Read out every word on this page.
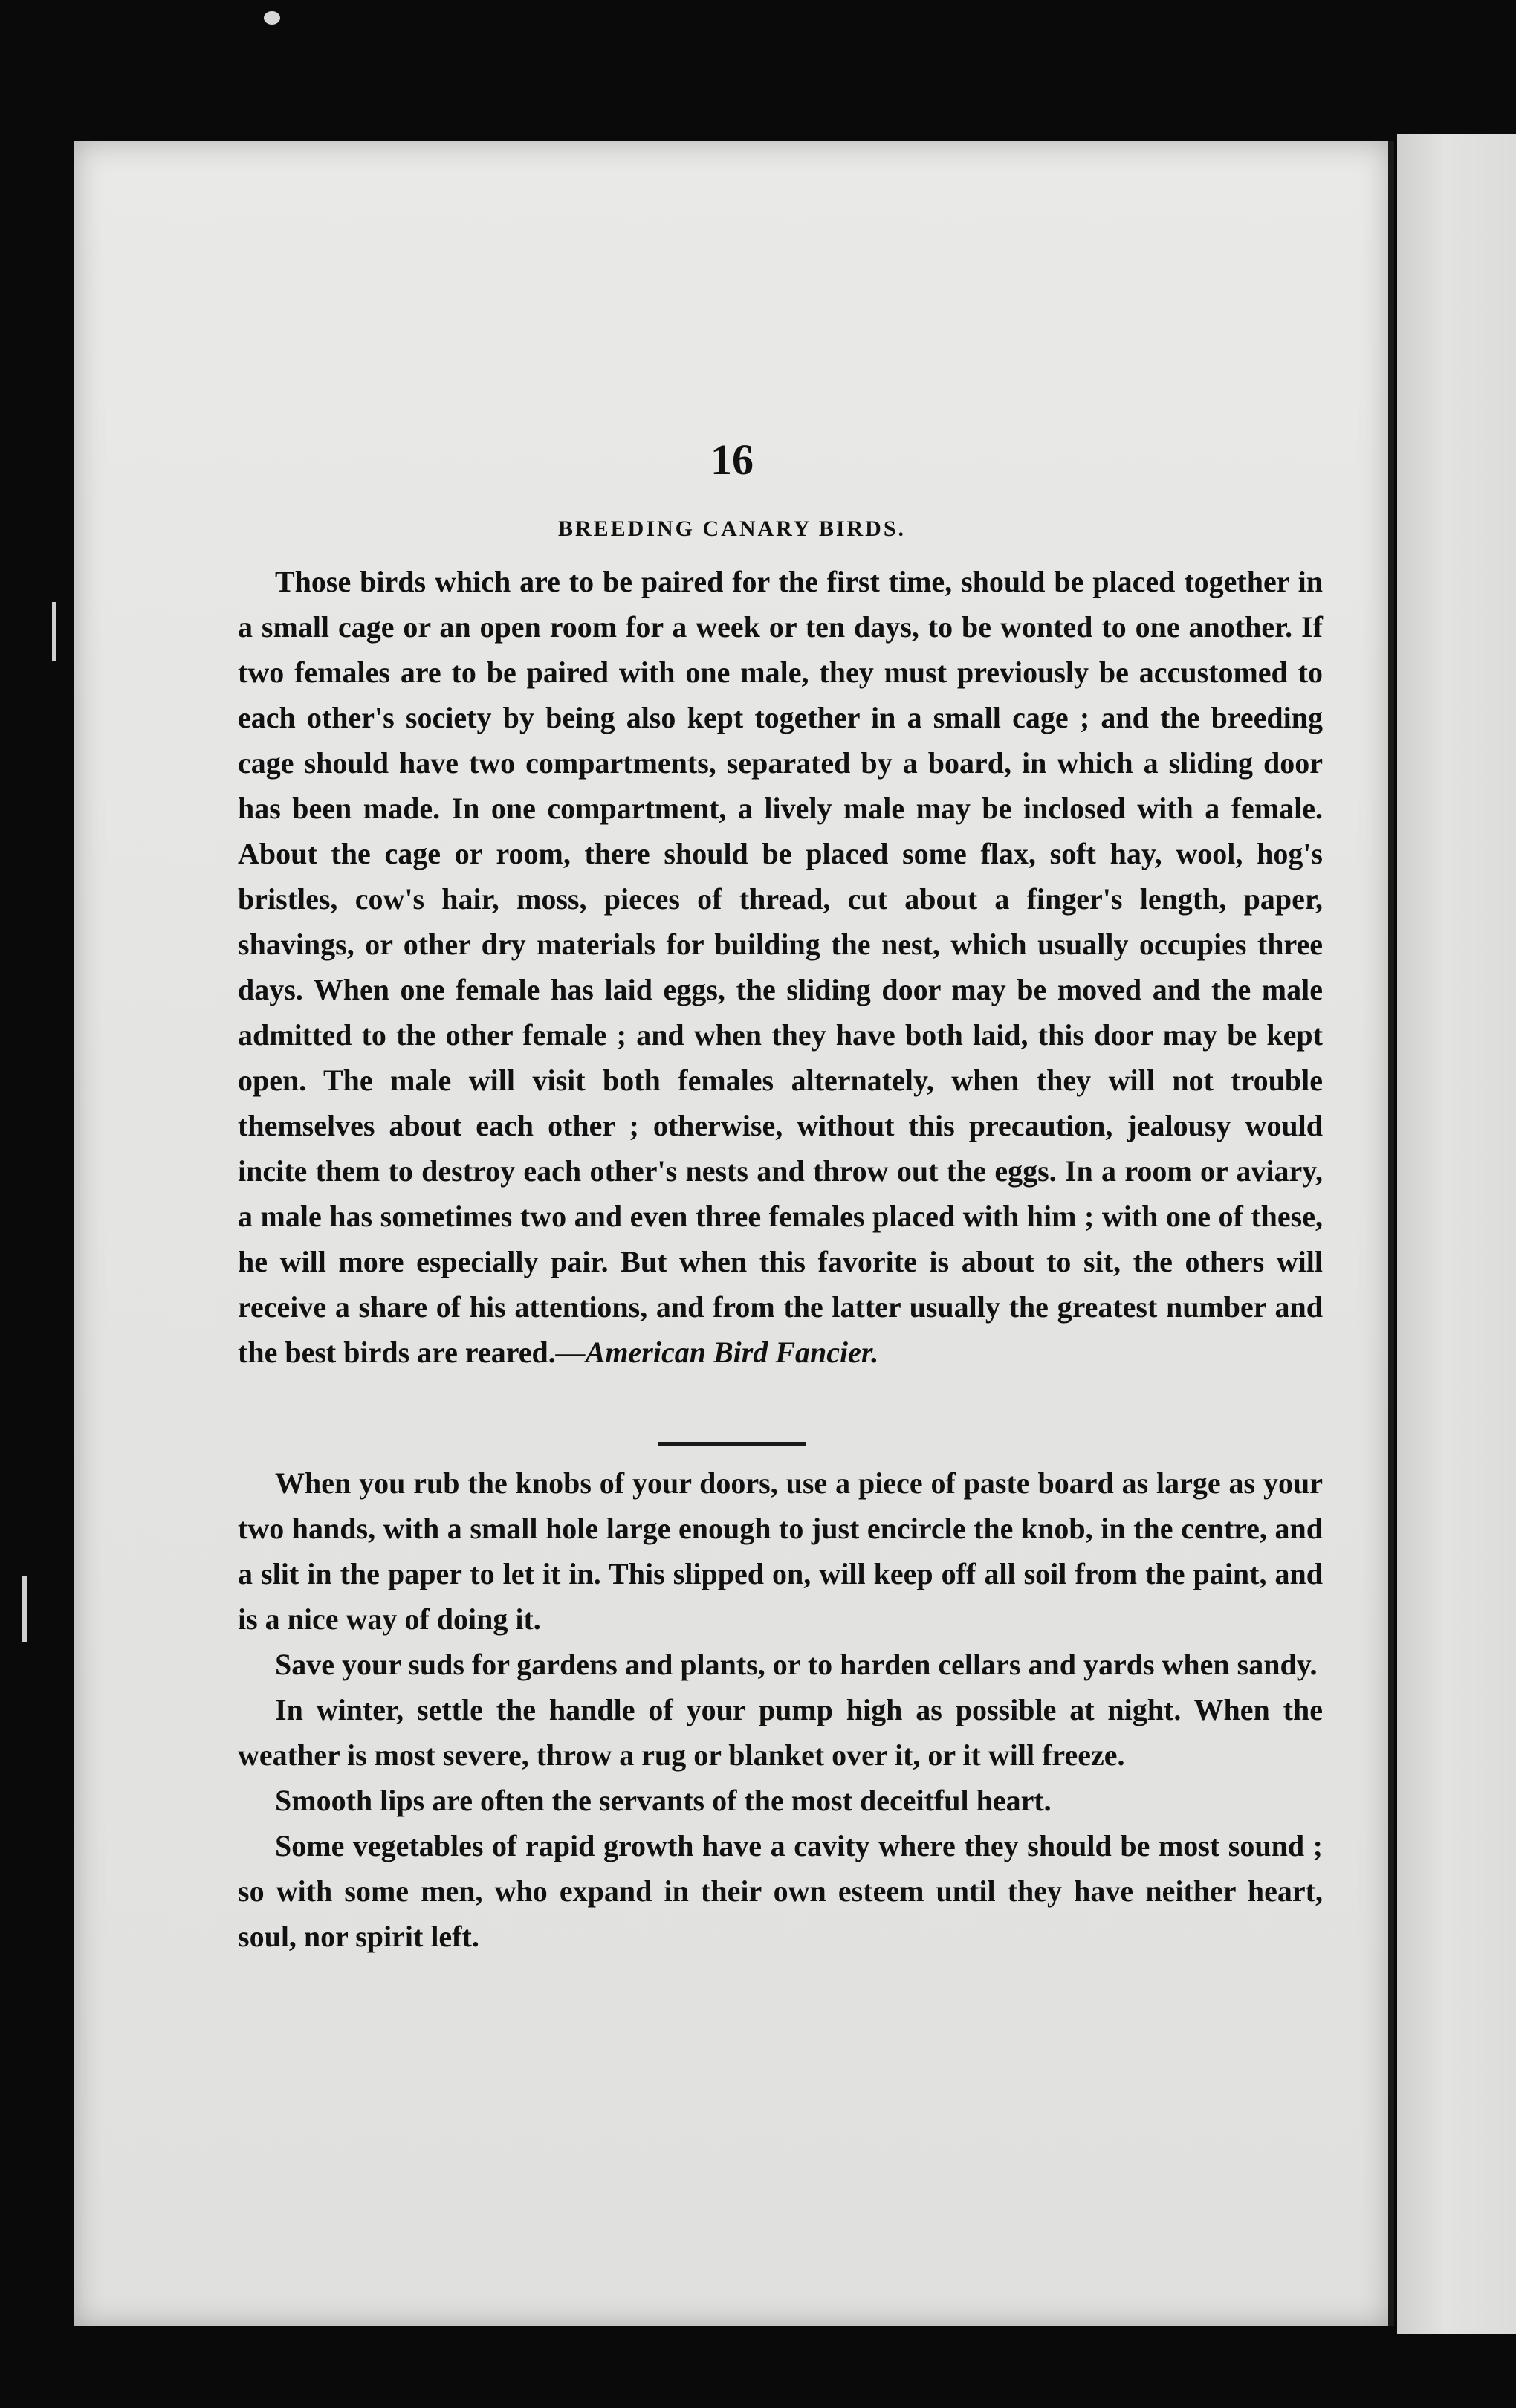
16
BREEDING CANARY BIRDS.

Those birds which are to be paired for the first time, should be placed together in a small cage or an open room for a week or ten days, to be wonted to one another. If two females are to be paired with one male, they must previously be accustomed to each other's society by being also kept together in a small cage ; and the breeding cage should have two compartments, separated by a board, in which a sliding door has been made. In one compartment, a lively male may be inclosed with a female. About the cage or room, there should be placed some flax, soft hay, wool, hog's bristles, cow's hair, moss, pieces of thread, cut about a finger's length, paper, shavings, or other dry materials for building the nest, which usually occupies three days. When one female has laid eggs, the sliding door may be moved and the male admitted to the other female ; and when they have both laid, this door may be kept open. The male will visit both females alternately, when they will not trouble themselves about each other ; otherwise, without this precaution, jealousy would incite them to destroy each other's nests and throw out the eggs. In a room or aviary, a male has sometimes two and even three females placed with him ; with one of these, he will more especially pair. But when this favorite is about to sit, the others will receive a share of his attentions, and from the latter usually the greatest number and the best birds are reared.—American Bird Fancier.

When you rub the knobs of your doors, use a piece of paste board as large as your two hands, with a small hole large enough to just encircle the knob, in the centre, and a slit in the paper to let it in. This slipped on, will keep off all soil from the paint, and is a nice way of doing it.

Save your suds for gardens and plants, or to harden cellars and yards when sandy.

In winter, settle the handle of your pump high as possible at night. When the weather is most severe, throw a rug or blanket over it, or it will freeze.

Smooth lips are often the servants of the most deceitful heart.

Some vegetables of rapid growth have a cavity where they should be most sound ; so with some men, who expand in their own esteem until they have neither heart, soul, nor spirit left.
